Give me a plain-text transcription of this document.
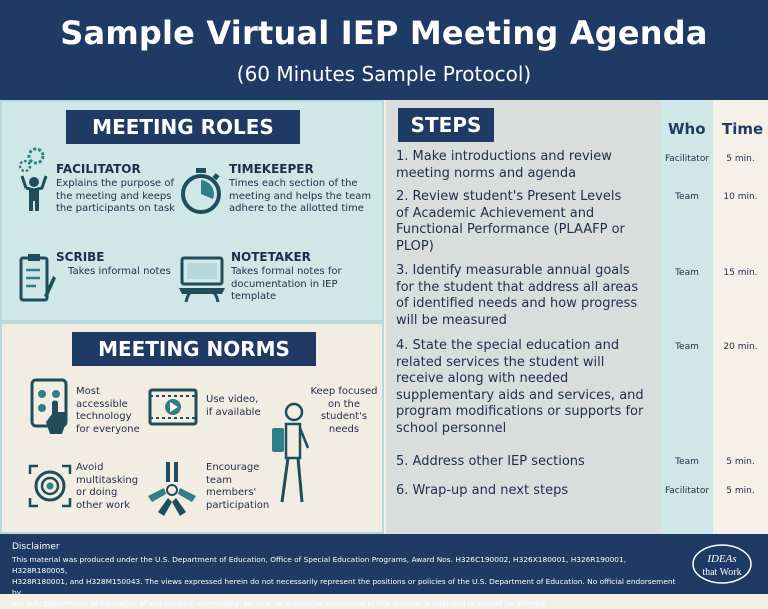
Sample Virtual IEP Meeting Agenda
(60 Minutes Sample Protocol)
MEETING ROLES
FACILITATOR
Explains the purpose of
the meeting and keeps
the participants on task
TIMEKEEPER
Times each section of the
meeting and helps the team
adhere to the allotted time
SCRIBE
Takes informal notes
NOTETAKER
Takes formal notes for
documentation in IEP
template
MEETING NORMS
Most
accessible
technology
for everyone
Use video,
if available
Keep focused
on the
student's
needs
Avoid
multitasking
or doing
other work
Encourage
team
members'
participation
STEPS	Who Time
1. Make introductions and review
meeting norms and agenda
Facilitator	5 min.
2. Review student's Present Levels
of Academic Achievement and
Functional Performance (PLAAFP or
PLOP)
Team	10 min.
3. Identify measurable annual goals
for the student that address all areas
of identified needs and how progress
will be measured
Team	15 min.
4. State the special education and
related services the student will
receive along with needed
supplementary aids and services, and
program modifications or supports for
school personnel
Team	20 min.
5. Address other IEP sections	Team	5 min.
6. Wrap-up and next steps	Facilitator	5 min.
Disclaimer
This material was produced under the U.S. Department of Education, Office of Special Education Programs, Award Nos. H326C190002, H326X180001, H326R190001, H328R180005,
H328R180001, and H328M150043. The views expressed herein do not necessarily represent the positions or policies of the U.S. Department of Education. No official endorsement by
the U.S. Department of Education of any product, commodity, service, or enterprise mentioned in this webinar is intended or should be inferred.
IDEAs
that Work
